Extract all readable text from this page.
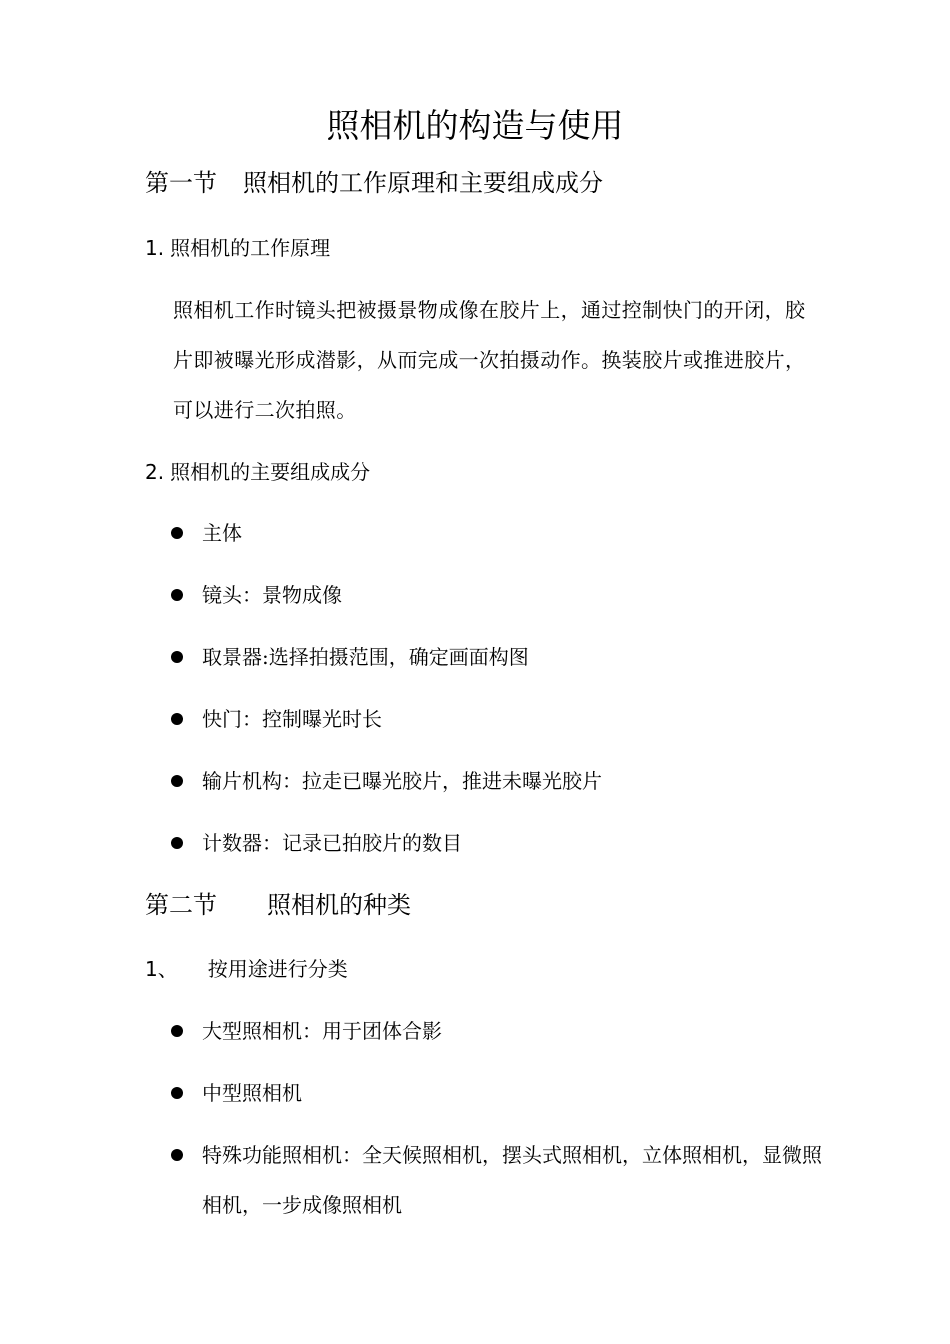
照相机的构造与使用
第一节 照相机的工作原理和主要组成成分
1. 照相机的工作原理
照相机工作时镜头把被摄景物成像在胶片上，通过控制快门的开闭，胶片即被曝光形成潜影，从而完成一次拍摄动作。换装胶片或推进胶片，可以进行二次拍照。
2. 照相机的主要组成成分
主体
镜头：景物成像
取景器:选择拍摄范围，确定画面构图
快门：控制曝光时长
输片机构：拉走已曝光胶片，推进未曝光胶片
计数器：记录已拍胶片的数目
第二节 照相机的种类
1、 按用途进行分类
大型照相机：用于团体合影
中型照相机
特殊功能照相机：全天候照相机，摆头式照相机，立体照相机，显微照相机，一步成像照相机
